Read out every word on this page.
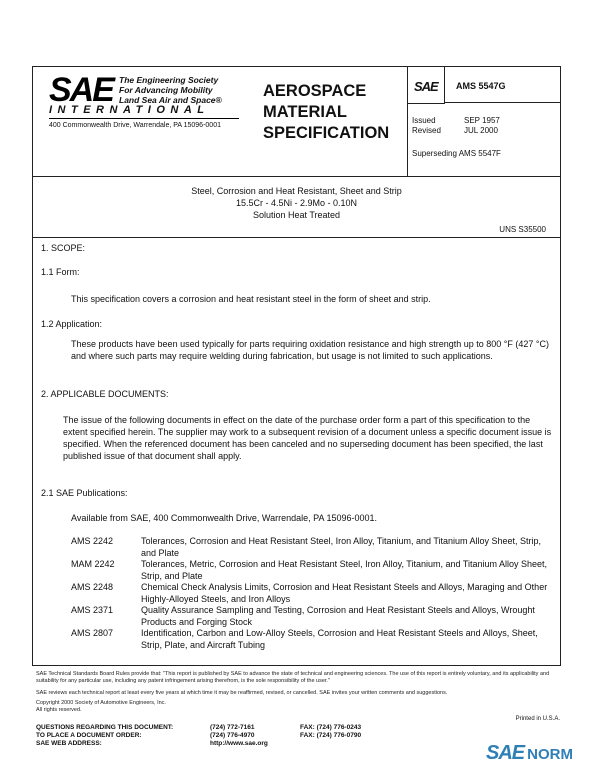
SAE The Engineering Society
For Advancing Mobility
Land Sea Air and Space®
INTERNATIONAL
400 Commonwealth Drive, Warrendale, PA 15096-0001
AEROSPACE
MATERIAL
SPECIFICATION
SAE AMS 5547G
Issued	SEP 1957
Revised	JUL 2000
Superseding AMS 5547F
Steel, Corrosion and Heat Resistant, Sheet and Strip
15.5Cr - 4.5Ni - 2.9Mo - 0.10N
Solution Heat Treated
UNS S35500
1. SCOPE:
1.1 Form:
This specification covers a corrosion and heat resistant steel in the form of sheet and strip.
1.2 Application:
These products have been used typically for parts requiring oxidation resistance and high strength up to 800 °F (427 °C) and where such parts may require welding during fabrication, but usage is not limited to such applications.
2. APPLICABLE DOCUMENTS:
The issue of the following documents in effect on the date of the purchase order form a part of this specification to the extent specified herein. The supplier may work to a subsequent revision of a document unless a specific document issue is specified. When the referenced document has been canceled and no superseding document has been specified, the last published issue of that document shall apply.
2.1 SAE Publications:
Available from SAE, 400 Commonwealth Drive, Warrendale, PA 15096-0001.
AMS 2242	Tolerances, Corrosion and Heat Resistant Steel, Iron Alloy, Titanium, and Titanium Alloy Sheet, Strip, and Plate
MAM 2242	Tolerances, Metric, Corrosion and Heat Resistant Steel, Iron Alloy, Titanium, and Titanium Alloy Sheet, Strip, and Plate
AMS 2248	Chemical Check Analysis Limits, Corrosion and Heat Resistant Steels and Alloys, Maraging and Other Highly-Alloyed Steels, and Iron Alloys
AMS 2371	Quality Assurance Sampling and Testing, Corrosion and Heat Resistant Steels and Alloys, Wrought Products and Forging Stock
AMS 2807	Identification, Carbon and Low-Alloy Steels, Corrosion and Heat Resistant Steels and Alloys, Sheet, Strip, Plate, and Aircraft Tubing
SAE Technical Standards Board Rules provide that: "This report is published by SAE to advance the state of technical and engineering sciences. The use of this report is entirely voluntary, and its applicability and suitability for any particular use, including any patent infringement arising therefrom, is the sole responsibility of the user."
SAE reviews each technical report at least every five years at which time it may be reaffirmed, revised, or cancelled. SAE invites your written comments and suggestions.
Copyright 2000 Society of Automotive Engineers, Inc.
All rights reserved.
Printed in U.S.A.
QUESTIONS REGARDING THIS DOCUMENT:	(724) 772-7161	FAX: (724) 776-0243
TO PLACE A DOCUMENT ORDER:	(724) 776-4970	FAX: (724) 776-0790
SAE WEB ADDRESS:	http://www.sae.org	SAE NORM
